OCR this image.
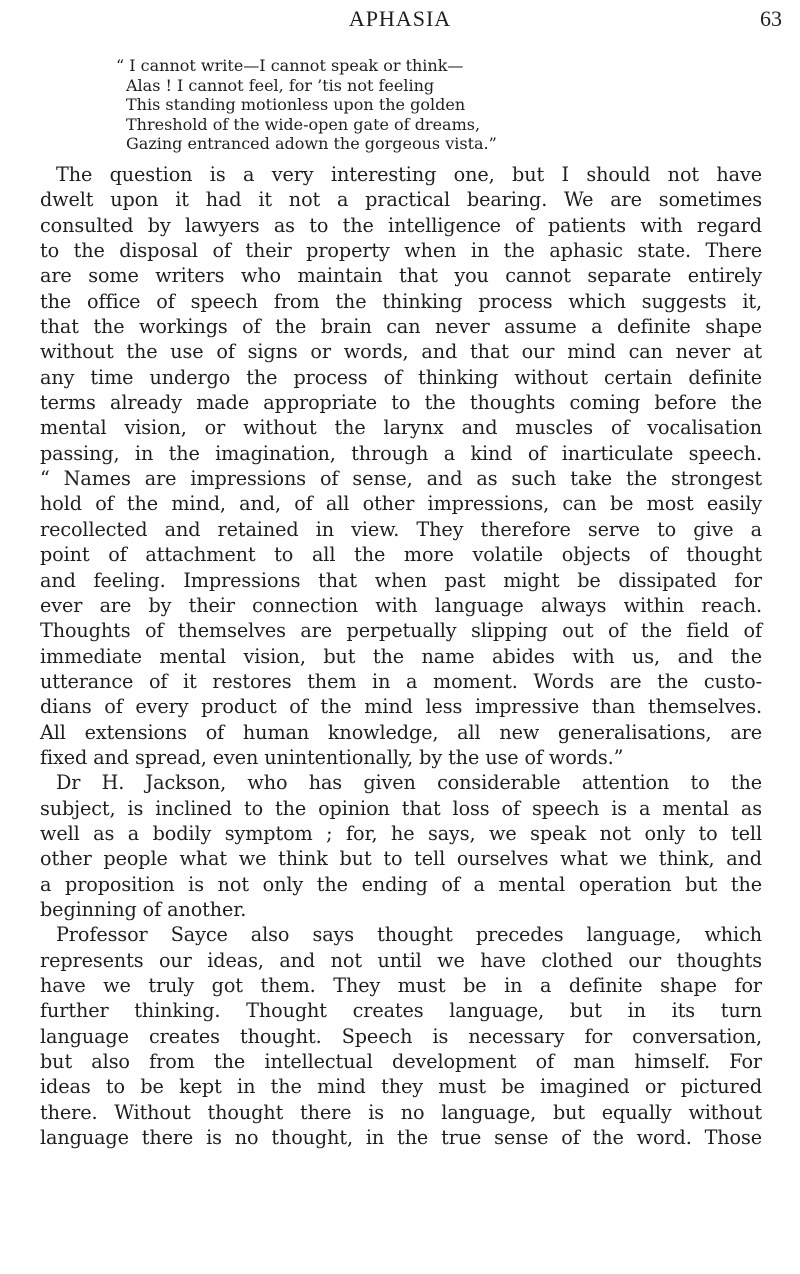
APHASIA	63
“ I cannot write—I cannot speak or think—
Alas ! I cannot feel, for ’tis not feeling
This standing motionless upon the golden
Threshold of the wide-open gate of dreams,
Gazing entranced adown the gorgeous vista.”
The question is a very interesting one, but I should not have
dwelt upon it had it not a practical bearing. We are sometimes
consulted by lawyers as to the intelligence of patients with regard
to the disposal of their property when in the aphasic state. There
are some writers who maintain that you cannot separate entirely
the office of speech from the thinking process which suggests it,
that the workings of the brain can never assume a definite shape
without the use of signs or words, and that our mind can never at
any time undergo the process of thinking without certain definite
terms already made appropriate to the thoughts coming before the
mental vision, or without the larynx and muscles of vocalisation
passing, in the imagination, through a kind of inarticulate speech.
“ Names are impressions of sense, and as such take the strongest
hold of the mind, and, of all other impressions, can be most easily
recollected and retained in view. They therefore serve to give a
point of attachment to all the more volatile objects of thought
and feeling. Impressions that when past might be dissipated for
ever are by their connection with language always within reach.
Thoughts of themselves are perpetually slipping out of the field of
immediate mental vision, but the name abides with us, and the
utterance of it restores them in a moment. Words are the custo-
dians of every product of the mind less impressive than themselves.
All extensions of human knowledge, all new generalisations, are
fixed and spread, even unintentionally, by the use of words.”
Dr H. Jackson, who has given considerable attention to the
subject, is inclined to the opinion that loss of speech is a mental as
well as a bodily symptom ; for, he says, we speak not only to tell
other people what we think but to tell ourselves what we think, and
a proposition is not only the ending of a mental operation but the
beginning of another.
Professor Sayce also says thought precedes language, which
represents our ideas, and not until we have clothed our thoughts
have we truly got them. They must be in a definite shape for
further thinking. Thought creates language, but in its turn
language creates thought. Speech is necessary for conversation,
but also from the intellectual development of man himself. For
ideas to be kept in the mind they must be imagined or pictured
there. Without thought there is no language, but equally without
language there is no thought, in the true sense of the word. Those
